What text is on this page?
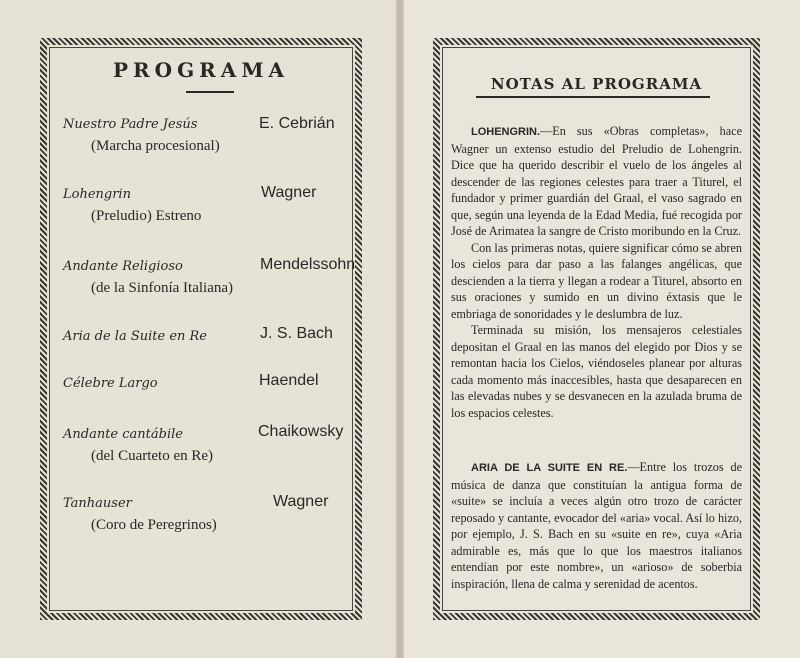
PROGRAMA
Nuestro Padre Jesús
(Marcha procesional)
E. Cebrián
Lohengrin
(Preludio) Estreno
Wagner
Andante Religioso
(de la Sinfonía Italiana)
Mendelssohn
Aria de la Suite en Re	J. S. Bach
Célebre Largo	Haendel
Andante cantábile
(del Cuarteto en Re)
Chaikowsky
Tanhauser
(Coro de Peregrinos)
Wagner
NOTAS AL PROGRAMA

LOHENGRIN.—En sus «Obras completas», hace Wagner un extenso estudio del Preludio de Lohengrin. Dice que ha querido describir el vuelo de los ángeles al descender de las regiones celestes para traer a Titurel, el fundador y primer guardián del Graal, el vaso sagrado en que, según una leyenda de la Edad Media, fué recogida por José de Arimatea la sangre de Cristo moribundo en la Cruz.

Con las primeras notas, quiere significar cómo se abren los cielos para dar paso a las falanges angélicas, que descienden a la tierra y llegan a rodear a Titurel, absorto en sus oraciones y sumido en un divino éxtasis que le embriaga de sonoridades y le deslumbra de luz.

Terminada su misión, los mensajeros celestiales depositan el Graal en las manos del elegido por Dios y se remontan hacia los Cielos, viéndoseles planear por alturas cada momento más inaccesibles, hasta que desaparecen en las elevadas nubes y se desvanecen en la azulada bruma de los espacios celestes.

ARIA DE LA SUITE EN RE.—Entre los trozos de música de danza que constituían la antigua forma de «suite» se incluía a veces algún otro trozo de carácter reposado y cantante, evocador del «aria» vocal. Así lo hizo, por ejemplo, J. S. Bach en su «suite en re», cuya «Aria admirable es, más que lo que los maestros italianos entendían por este nombre», un «arioso» de soberbia inspiración, llena de calma y serenidad de acentos.
